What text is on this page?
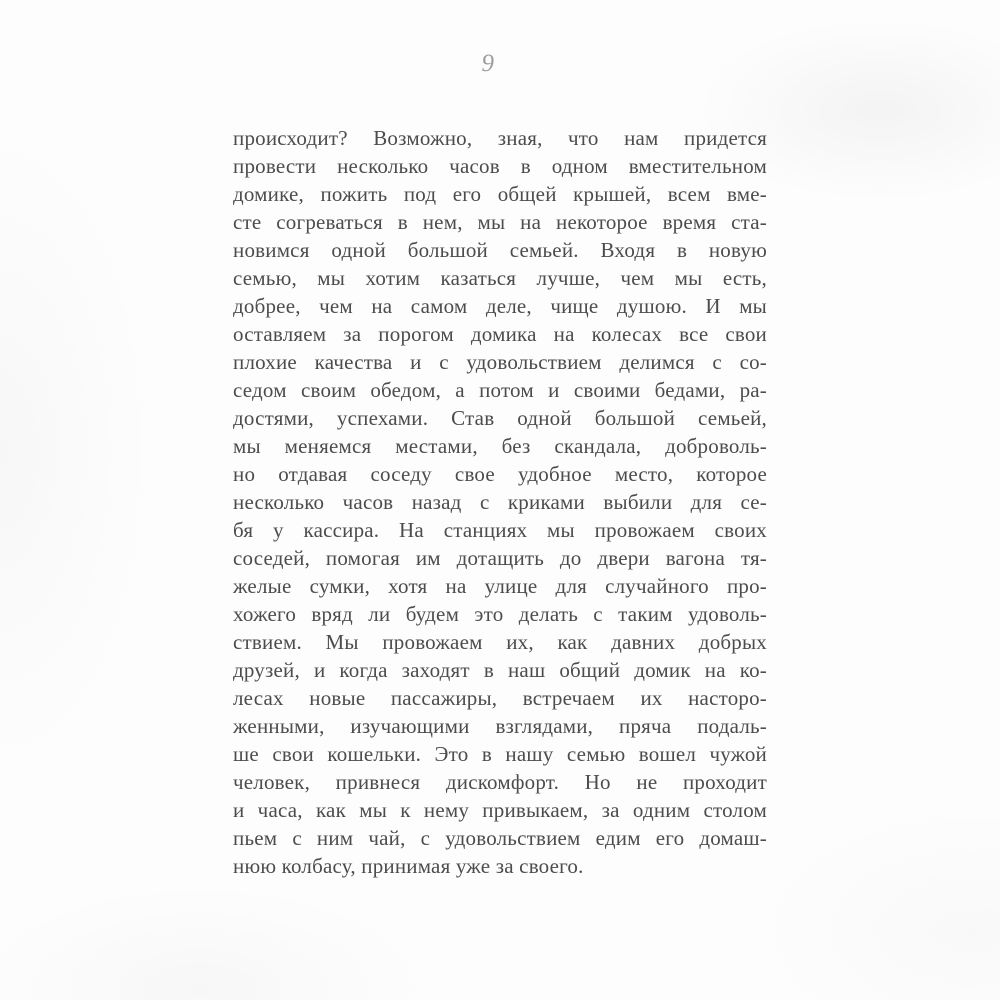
9
происходит? Возможно, зная, что нам придется
провести несколько часов в одном вместительном
домике, пожить под его общей крышей, всем вме-
сте согреваться в нем, мы на некоторое время ста-
новимся одной большой семьей. Входя в новую
семью, мы хотим казаться лучше, чем мы есть,
добрее, чем на самом деле, чище душою. И мы
оставляем за порогом домика на колесах все свои
плохие качества и с удовольствием делимся с со-
седом своим обедом, а потом и своими бедами, ра-
достями, успехами. Став одной большой семьей,
мы меняемся местами, без скандала, доброволь-
но отдавая соседу свое удобное место, которое
несколько часов назад с криками выбили для се-
бя у кассира. На станциях мы провожаем своих
соседей, помогая им дотащить до двери вагона тя-
желые сумки, хотя на улице для случайного про-
хожего вряд ли будем это делать с таким удоволь-
ствием. Мы провожаем их, как давних добрых
друзей, и когда заходят в наш общий домик на ко-
лесах новые пассажиры, встречаем их насторо-
женными, изучающими взглядами, пряча подаль-
ше свои кошельки. Это в нашу семью вошел чужой
человек, привнеся дискомфорт. Но не проходит
и часа, как мы к нему привыкаем, за одним столом
пьем с ним чай, с удовольствием едим его домаш-
нюю колбасу, принимая уже за своего.
